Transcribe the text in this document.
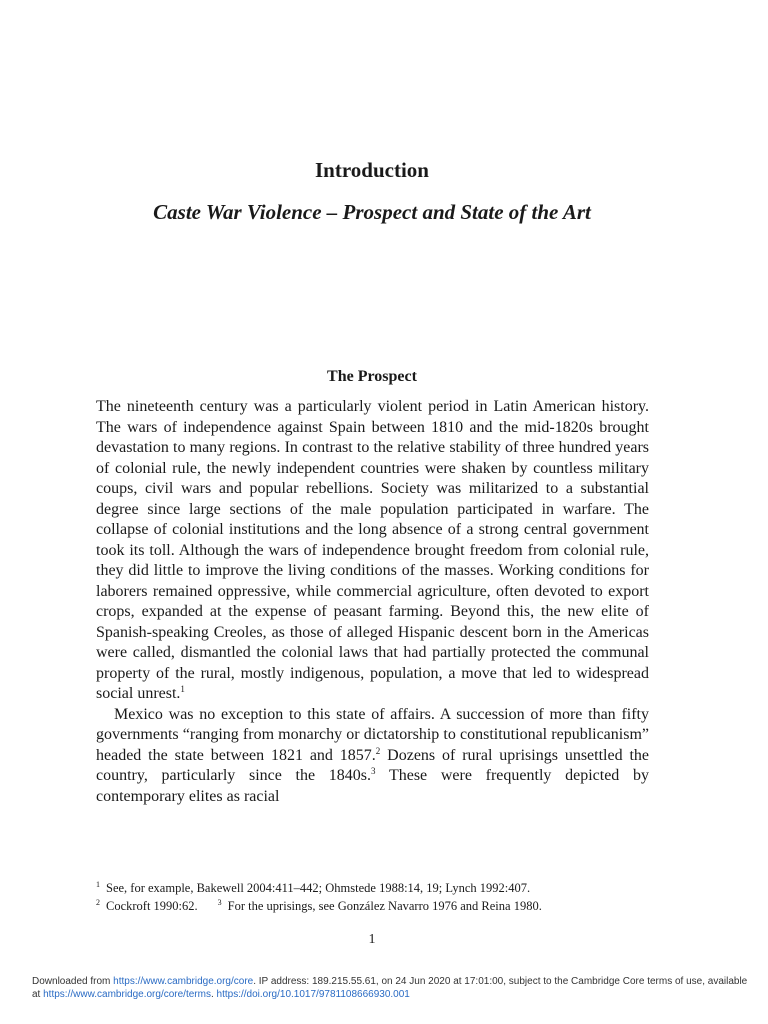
Introduction
Caste War Violence – Prospect and State of the Art
The Prospect

The nineteenth century was a particularly violent period in Latin American history. The wars of independence against Spain between 1810 and the mid-1820s brought devastation to many regions. In contrast to the relative stability of three hundred years of colonial rule, the newly independent countries were shaken by countless military coups, civil wars and popular rebellions. Society was militarized to a substantial degree since large sections of the male population participated in warfare. The collapse of colonial institutions and the long absence of a strong central government took its toll. Although the wars of independence brought freedom from colonial rule, they did little to improve the living conditions of the masses. Working conditions for laborers remained oppressive, while commercial agriculture, often devoted to export crops, expanded at the expense of peasant farming. Beyond this, the new elite of Spanish-speaking Creoles, as those of alleged Hispanic descent born in the Americas were called, dismantled the colonial laws that had partially protected the communal property of the rural, mostly indigenous, population, a move that led to widespread social unrest.$^1$

Mexico was no exception to this state of affairs. A succession of more than fifty governments “ranging from monarchy or dictatorship to constitutional republicanism” headed the state between 1821 and 1857.$^2$ Dozens of rural uprisings unsettled the country, particularly since the 1840s.$^3$ These were frequently depicted by contemporary elites as racial

$^1$ See, for example, Bakewell 2004:411–442; Ohmstede 1988:14, 19; Lynch 1992:407.
$^2$ Cockroft 1990:62.	$^3$ For the uprisings, see González Navarro 1976 and Reina 1980.
1
Downloaded from https://www.cambridge.org/core. IP address: 189.215.55.61, on 24 Jun 2020 at 17:01:00, subject to the Cambridge Core terms of use, available at https://www.cambridge.org/core/terms. https://doi.org/10.1017/9781108666930.001
